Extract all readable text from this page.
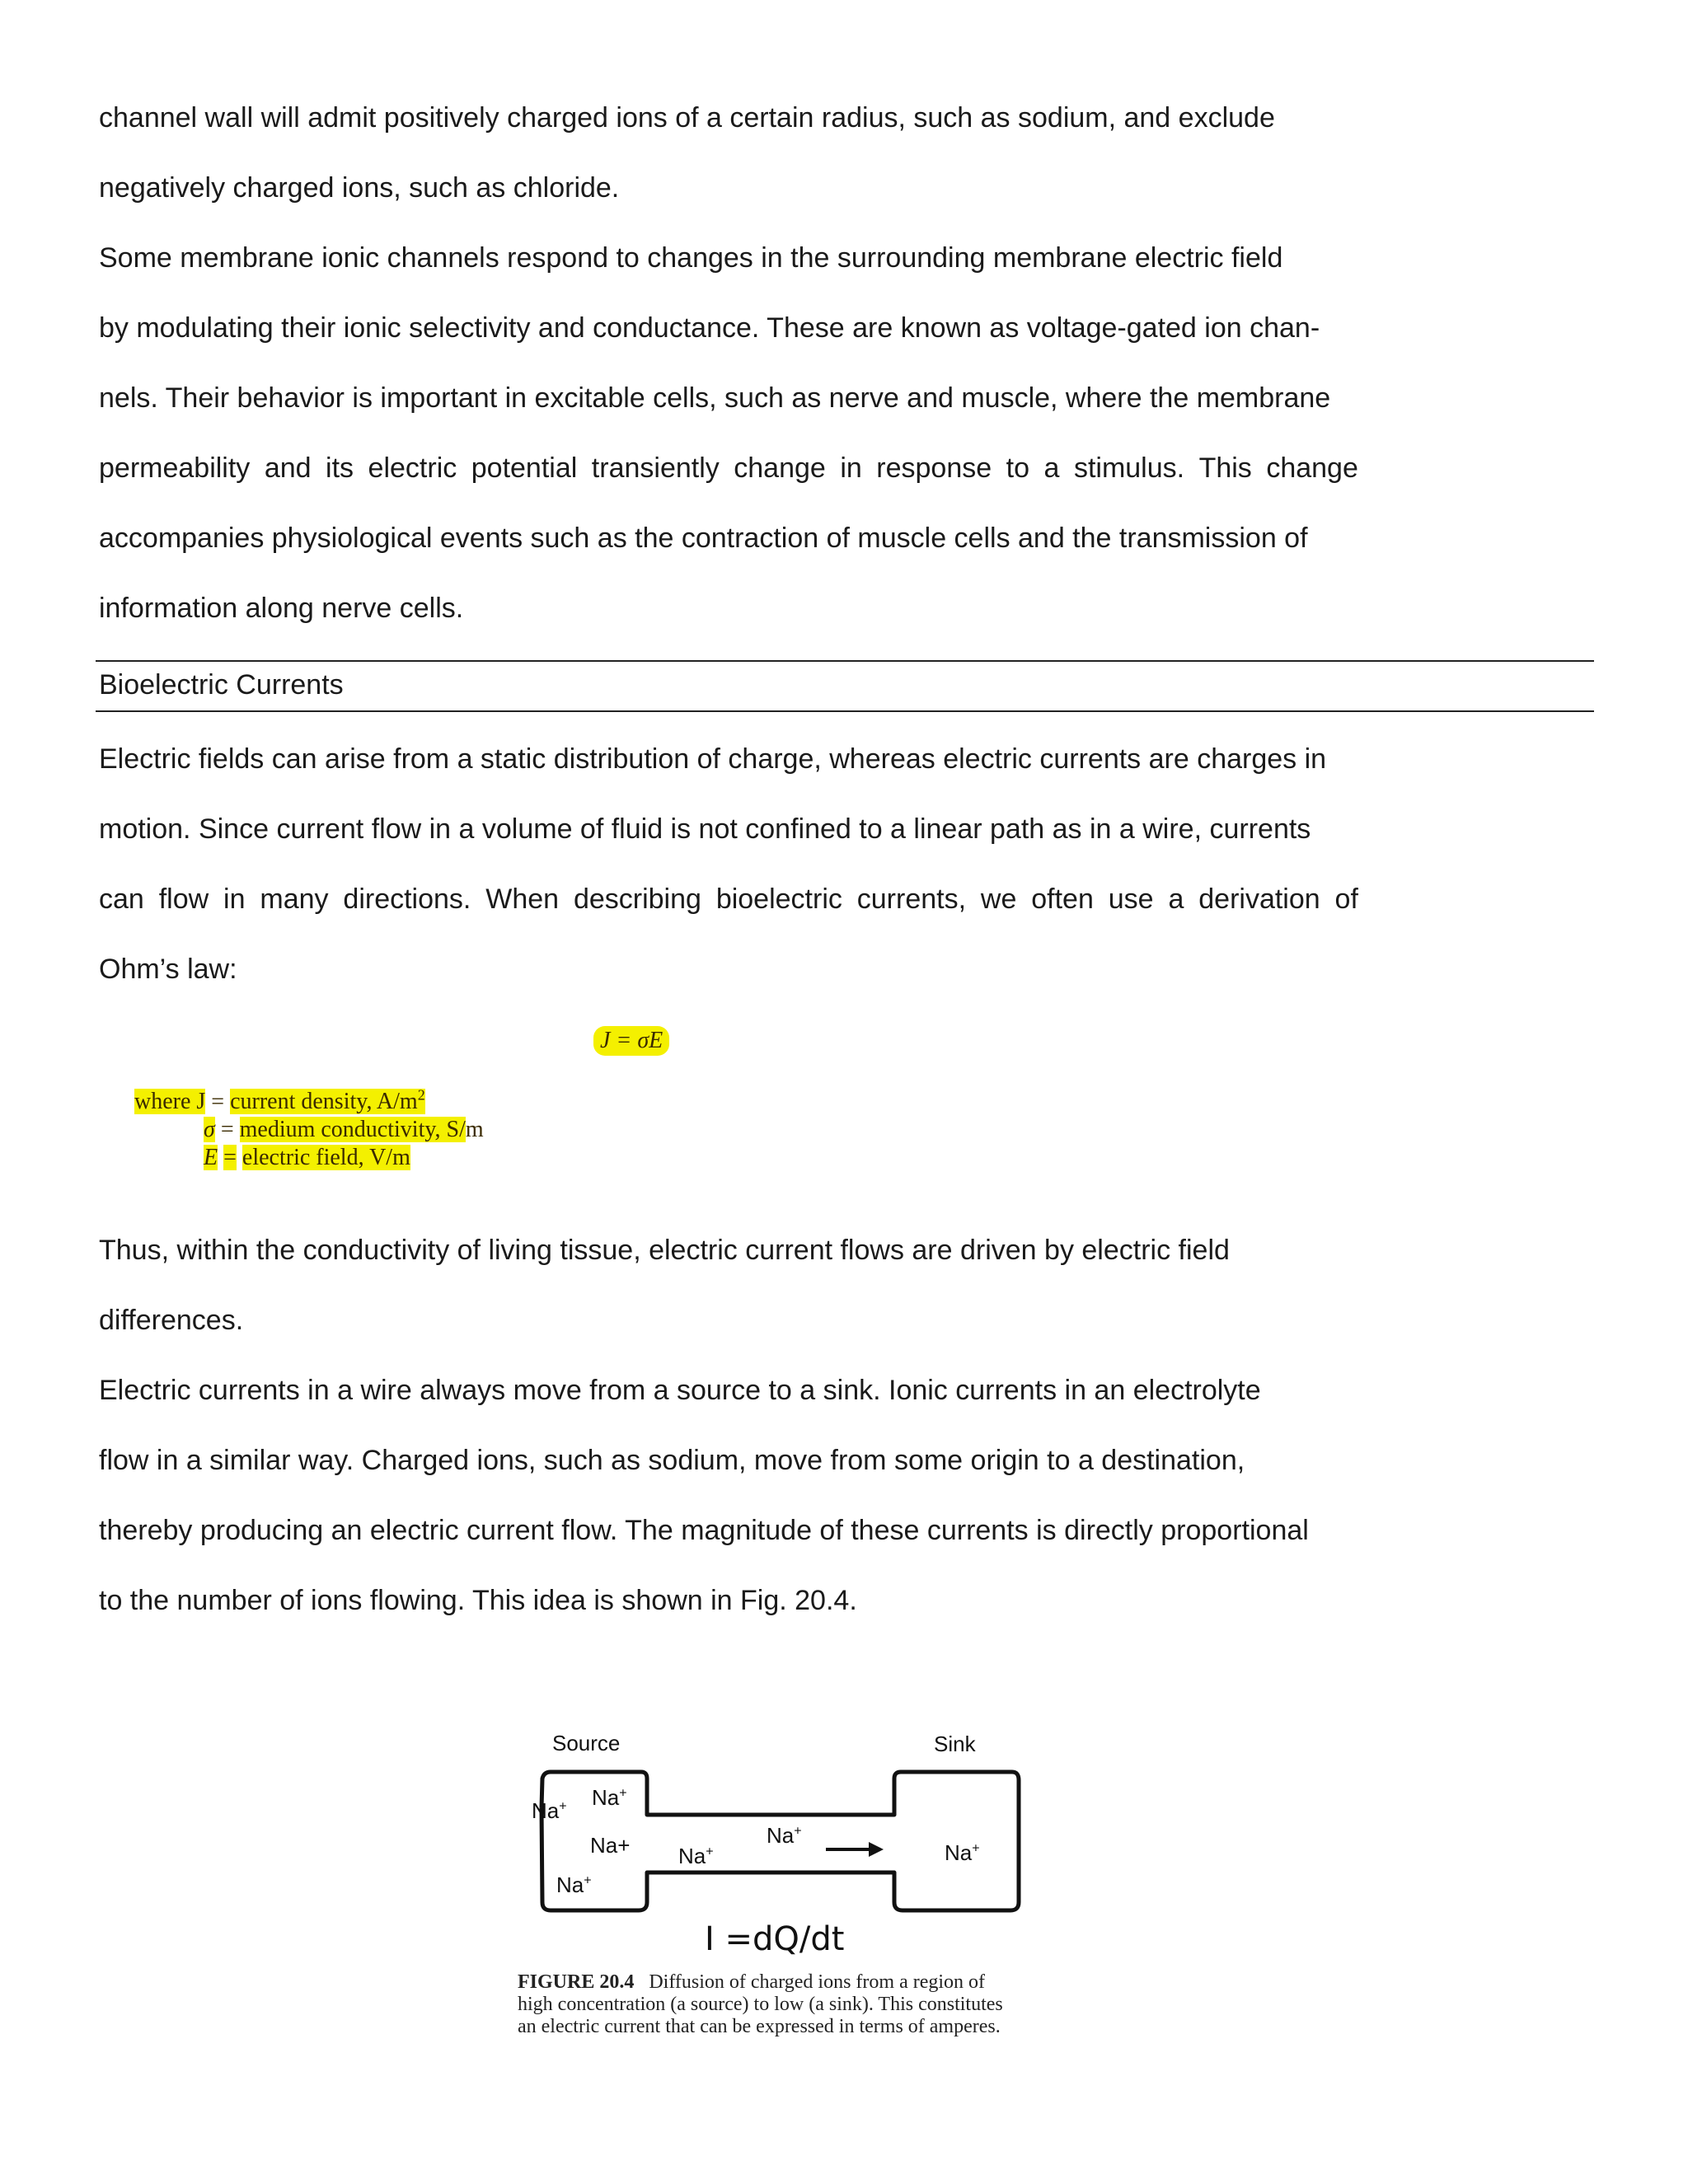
channel wall will admit positively charged ions of a certain radius, such as sodium, and exclude
negatively charged ions, such as chloride.
Some membrane ionic channels respond to changes in the surrounding membrane electric field
by modulating their ionic selectivity and conductance. These are known as voltage-gated ion chan-
nels. Their behavior is important in excitable cells, such as nerve and muscle, where the membrane
permeability and its electric potential transiently change in response to a stimulus. This change
accompanies physiological events such as the contraction of muscle cells and the transmission of
information along nerve cells.
Bioelectric Currents
Electric fields can arise from a static distribution of charge, whereas electric currents are charges in
motion. Since current flow in a volume of fluid is not confined to a linear path as in a wire, currents
can flow in many directions. When describing bioelectric currents, we often use a derivation of
Ohm’s law:
J = σE
where J = current density, $A/m^2$
σ = medium conductivity, S/m
E = electric field, V/m
Thus, within the conductivity of living tissue, electric current flows are driven by electric field
differences.
Electric currents in a wire always move from a source to a sink. Ionic currents in an electrolyte
flow in a similar way. Charged ions, such as sodium, move from some origin to a destination,
thereby producing an electric current flow. The magnitude of these currents is directly proportional
to the number of ions flowing. This idea is shown in Fig. 20.4.
Source	Sink
Na+ Na+
Na+
Na+
Na+
Na+
Na+
I =dQ/dt
FIGURE 20.4 Diffusion of charged ions from a region of high concentration (a source) to low (a sink). This constitutes an electric current that can be expressed in terms of amperes.
